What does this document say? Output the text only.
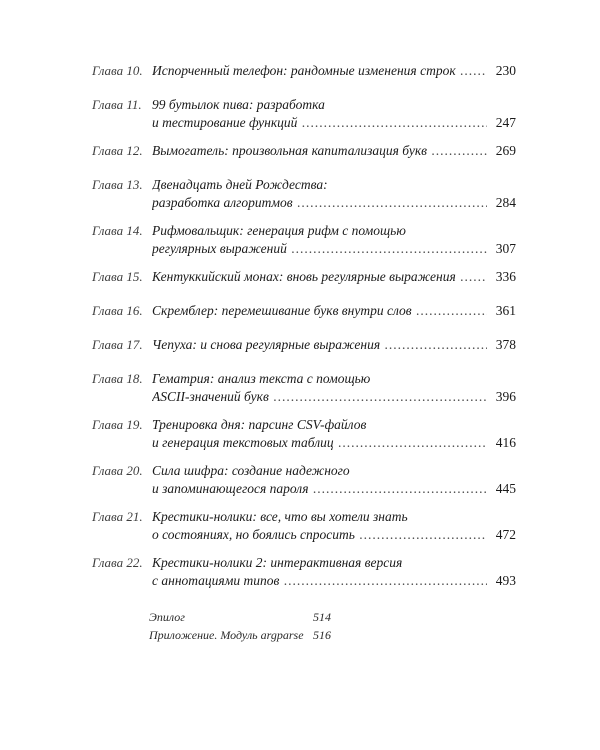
Глава 10. Испорченный телефон: рандомные изменения строк .....	230
Глава 11. 99 бутылок пива: разработка
и тестирование функций .....	247
Глава 12. Вымогатель: произвольная капитализация букв .....	269
Глава 13. Двенадцать дней Рождества:
разработка алгоритмов .....	284
Глава 14. Рифмовальщик: генерация рифм с помощью
регулярных выражений .....	307
Глава 15. Кентуккийский монах: вновь регулярные выражения .....	336
Глава 16. Скремблер: перемешивание букв внутри слов .....	361
Глава 17. Чепуха: и снова регулярные выражения .....	378
Глава 18. Гематрия: анализ текста с помощью
ASCII-значений букв .....	396
Глава 19. Тренировка дня: парсинг CSV-файлов
и генерация текстовых таблиц .....	416
Глава 20. Сила шифра: создание надежного
и запоминающегося пароля .....	445
Глава 21. Крестики-нолики: все, что вы хотели знать
о состояниях, но боялись спросить .....	472
Глава 22. Крестики-нолики 2: интерактивная версия
с аннотациями типов .....	493
Эпилог	514
Приложение. Модуль argparse 516
